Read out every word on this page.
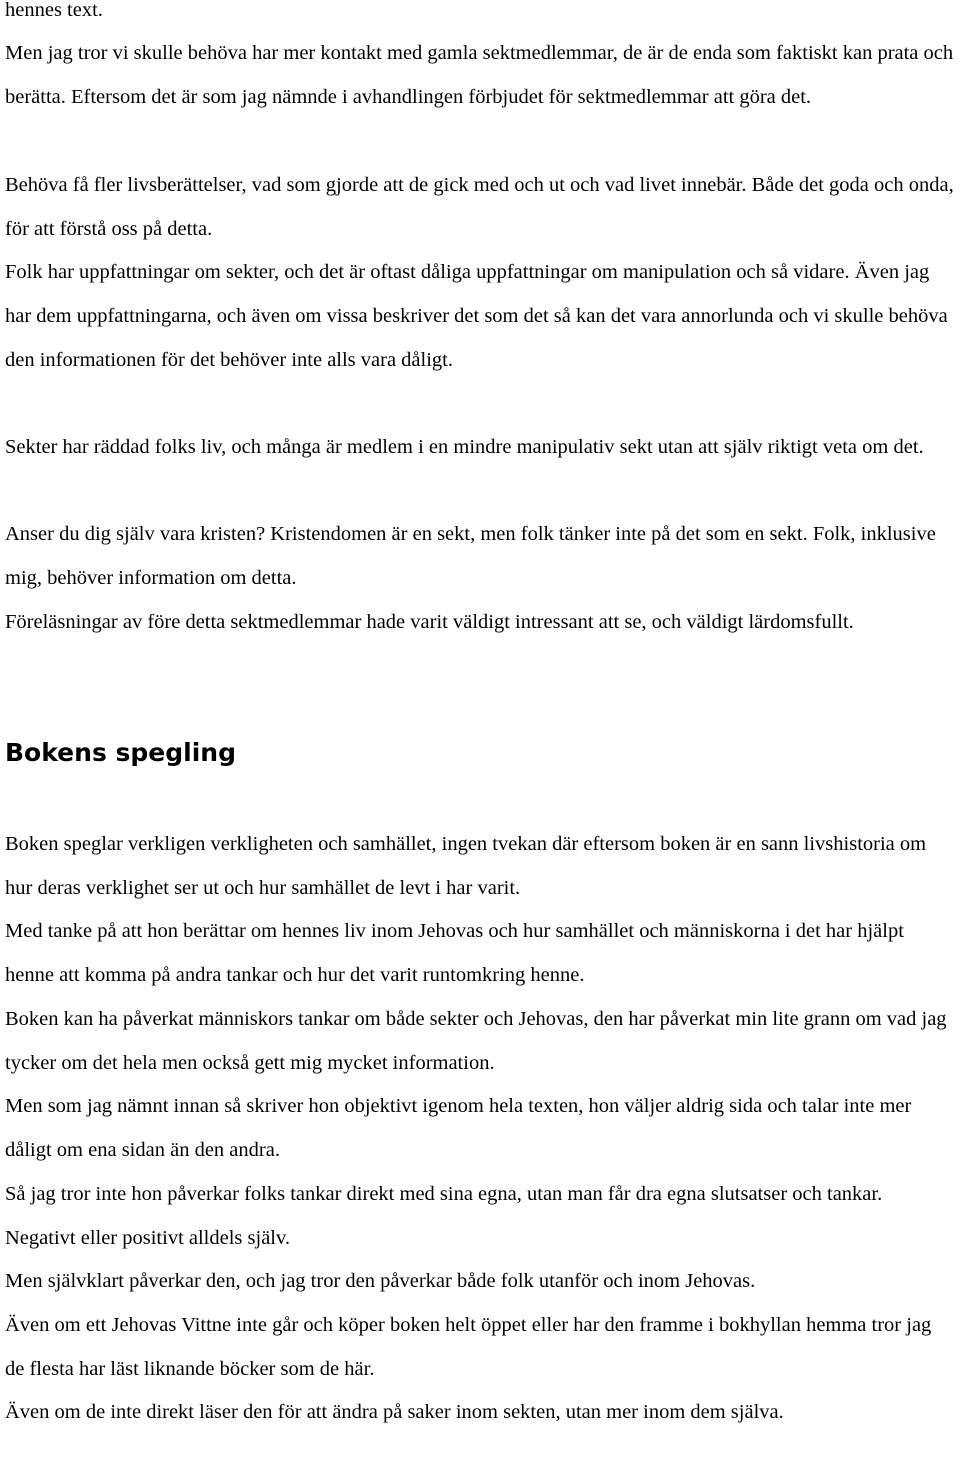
hennes text.

Men jag tror vi skulle behöva har mer kontakt med gamla sektmedlemmar, de är de enda som faktiskt kan prata och berätta. Eftersom det är som jag nämnde i avhandlingen förbjudet för sektmedlemmar att göra det.

Behöva få fler livsberättelser, vad som gjorde att de gick med och ut och vad livet innebär. Både det goda och onda, för att förstå oss på detta.

Folk har uppfattningar om sekter, och det är oftast dåliga uppfattningar om manipulation och så vidare. Även jag har dem uppfattningarna, och även om vissa beskriver det som det så kan det vara annorlunda och vi skulle behöva den informationen för det behöver inte alls vara dåligt.

Sekter har räddad folks liv, och många är medlem i en mindre manipulativ sekt utan att själv riktigt veta om det.

Anser du dig själv vara kristen? Kristendomen är en sekt, men folk tänker inte på det som en sekt. Folk, inklusive mig, behöver information om detta.

Föreläsningar av före detta sektmedlemmar hade varit väldigt intressant att se, och väldigt lärdomsfullt.

Bokens spegling

Boken speglar verkligen verkligheten och samhället, ingen tvekan där eftersom boken är en sann livshistoria om hur deras verklighet ser ut och hur samhället de levt i har varit.

Med tanke på att hon berättar om hennes liv inom Jehovas och hur samhället och människorna i det har hjälpt henne att komma på andra tankar och hur det varit runtomkring henne.

Boken kan ha påverkat människors tankar om både sekter och Jehovas, den har påverkat min lite grann om vad jag tycker om det hela men också gett mig mycket information.

Men som jag nämnt innan så skriver hon objektivt igenom hela texten, hon väljer aldrig sida och talar inte mer dåligt om ena sidan än den andra.

Så jag tror inte hon påverkar folks tankar direkt med sina egna, utan man får dra egna slutsatser och tankar. Negativt eller positivt alldels själv.

Men självklart påverkar den, och jag tror den påverkar både folk utanför och inom Jehovas.

Även om ett Jehovas Vittne inte går och köper boken helt öppet eller har den framme i bokhyllan hemma tror jag de flesta har läst liknande böcker som de här.

Även om de inte direkt läser den för att ändra på saker inom sekten, utan mer inom dem själva.
